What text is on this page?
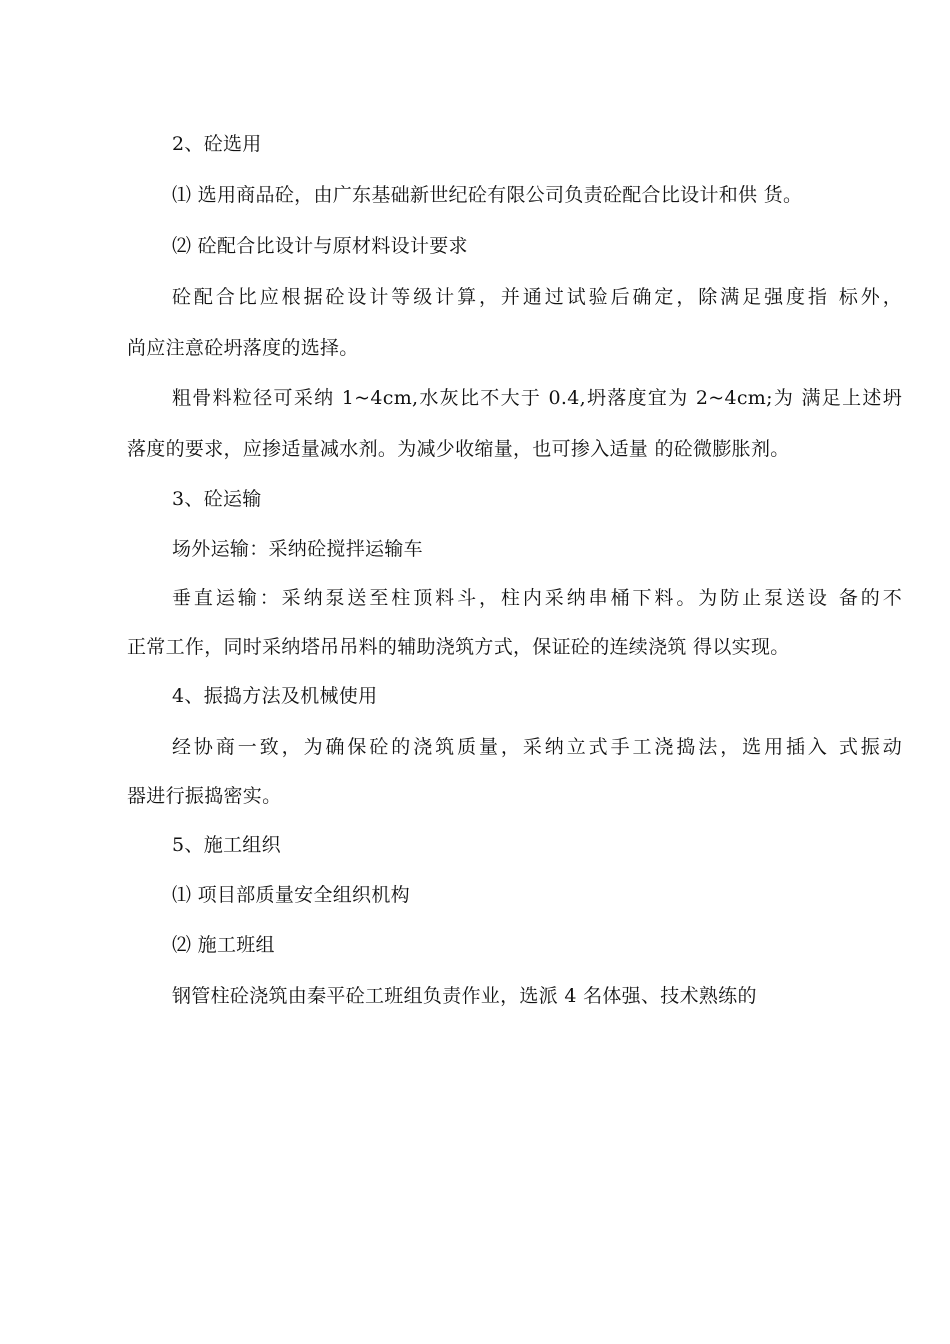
2、砼选用
⑴ 选用商品砼，由广东基础新世纪砼有限公司负责砼配合比设计和供 货。
⑵ 砼配合比设计与原材料设计要求
砼配合比应根据砼设计等级计算，并通过试验后确定，除满足强度指 标外，
尚应注意砼坍落度的选择。
粗骨料粒径可采纳 1~4cm,水灰比不大于 0.4,坍落度宜为 2~4cm;为 满足上述坍
落度的要求，应掺适量减水剂。为减少收缩量，也可掺入适量 的砼微膨胀剂。
3、砼运输
场外运输：采纳砼搅拌运输车
垂直运输：采纳泵送至柱顶料斗，柱内采纳串桶下料。为防止泵送设 备的不
正常工作，同时采纳塔吊吊料的辅助浇筑方式，保证砼的连续浇筑 得以实现。
4、振捣方法及机械使用
经协商一致，为确保砼的浇筑质量，采纳立式手工浇捣法，选用插入 式振动
器进行振捣密实。
5、施工组织
⑴ 项目部质量安全组织机构
⑵ 施工班组
钢管柱砼浇筑由秦平砼工班组负责作业，选派 4 名体强、技术熟练的
